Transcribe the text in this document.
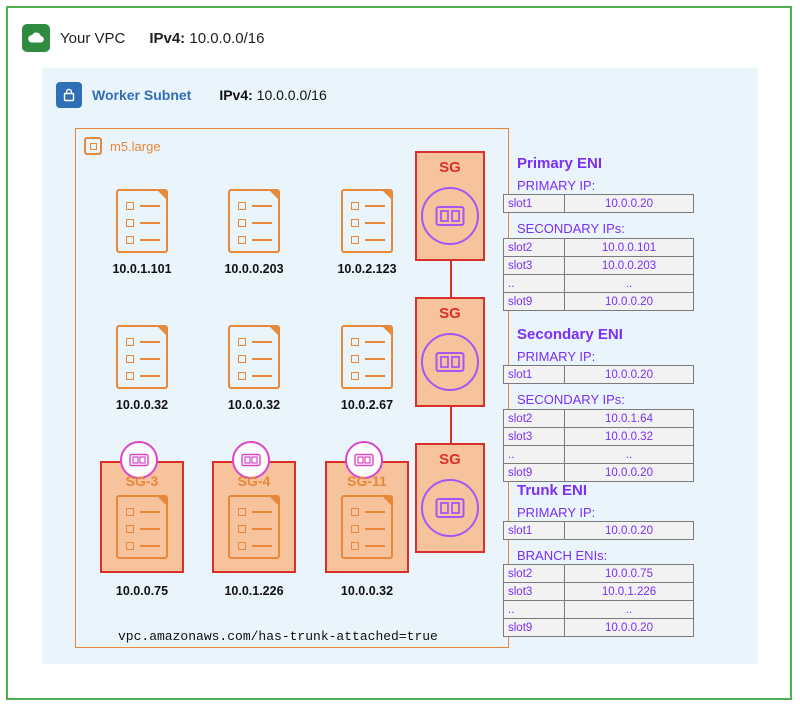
Your VPC IPv4: 10.0.0.0/16
Worker Subnet IPv4: 10.0.0.0/16
m5.large
10.0.1.101	10.0.0.203	10.0.2.123
10.0.0.32	10.0.0.32	10.0.2.67
SG-3
10.0.0.75
SG-4
10.0.1.226
SG-11
10.0.0.32
vpc.amazonaws.com/has-trunk-attached=true
SG
SG
SG
Primary ENI
PRIMARY IP:
slot1	10.0.0.20
SECONDARY IPs:
slot2	10.0.0.101
slot3	10.0.0.203
..	..
slot9	10.0.0.20
Secondary ENI
PRIMARY IP:
slot1	10.0.0.20
SECONDARY IPs:
slot2	10.0.1.64
slot3	10.0.0.32
..	..
slot9	10.0.0.20
Trunk ENI
PRIMARY IP:
slot1	10.0.0.20
BRANCH ENIs:
slot2	10.0.0.75
slot3	10.0.1.226
..	..
slot9	10.0.0.20
